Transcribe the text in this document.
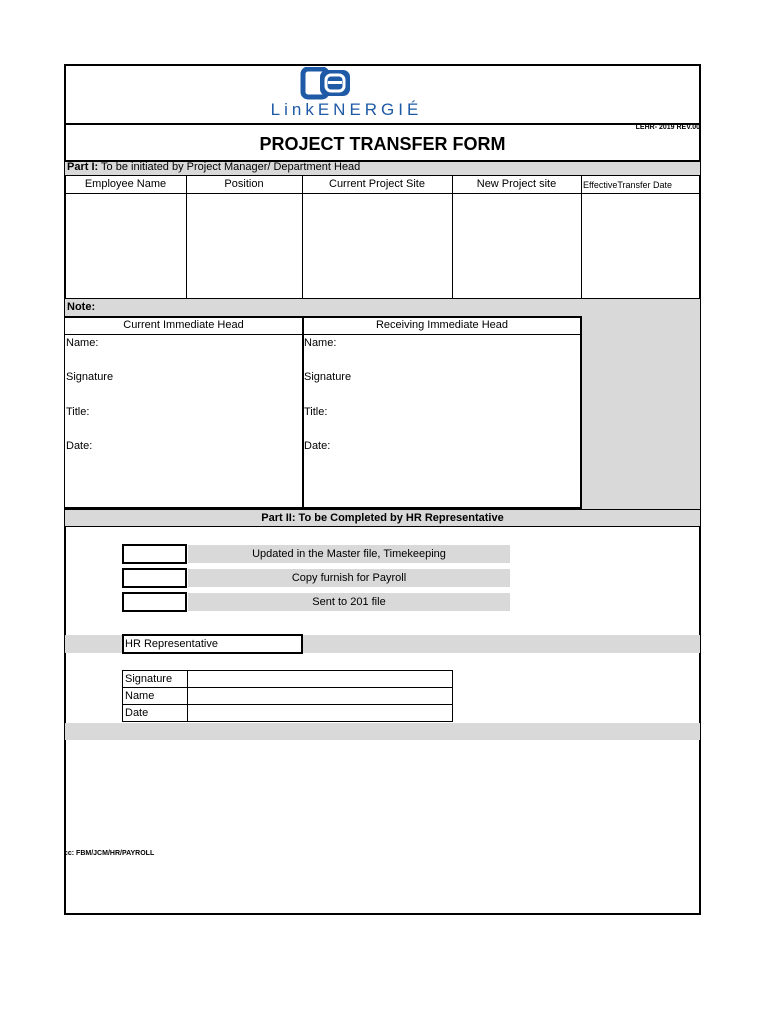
LinkENERGIÉ
LEHR- 2019 REV.00
PROJECT TRANSFER FORM
Part I: To be initiated by Project Manager/ Department Head
Employee Name	Position	Current Project Site	New Project site	EffectiveTransfer Date
Note:
Current Immediate Head	Receiving Immediate Head
Name:
Signature
Title:
Date:
Name:
Signature
Title:
Date:
Part II: To be Completed by HR Representative
Updated in the Master file, Timekeeping
Copy furnish for Payroll
Sent to 201 file
HR Representative
Signature	
Name	
Date	
cc: FBM/JCM/HR/PAYROLL
